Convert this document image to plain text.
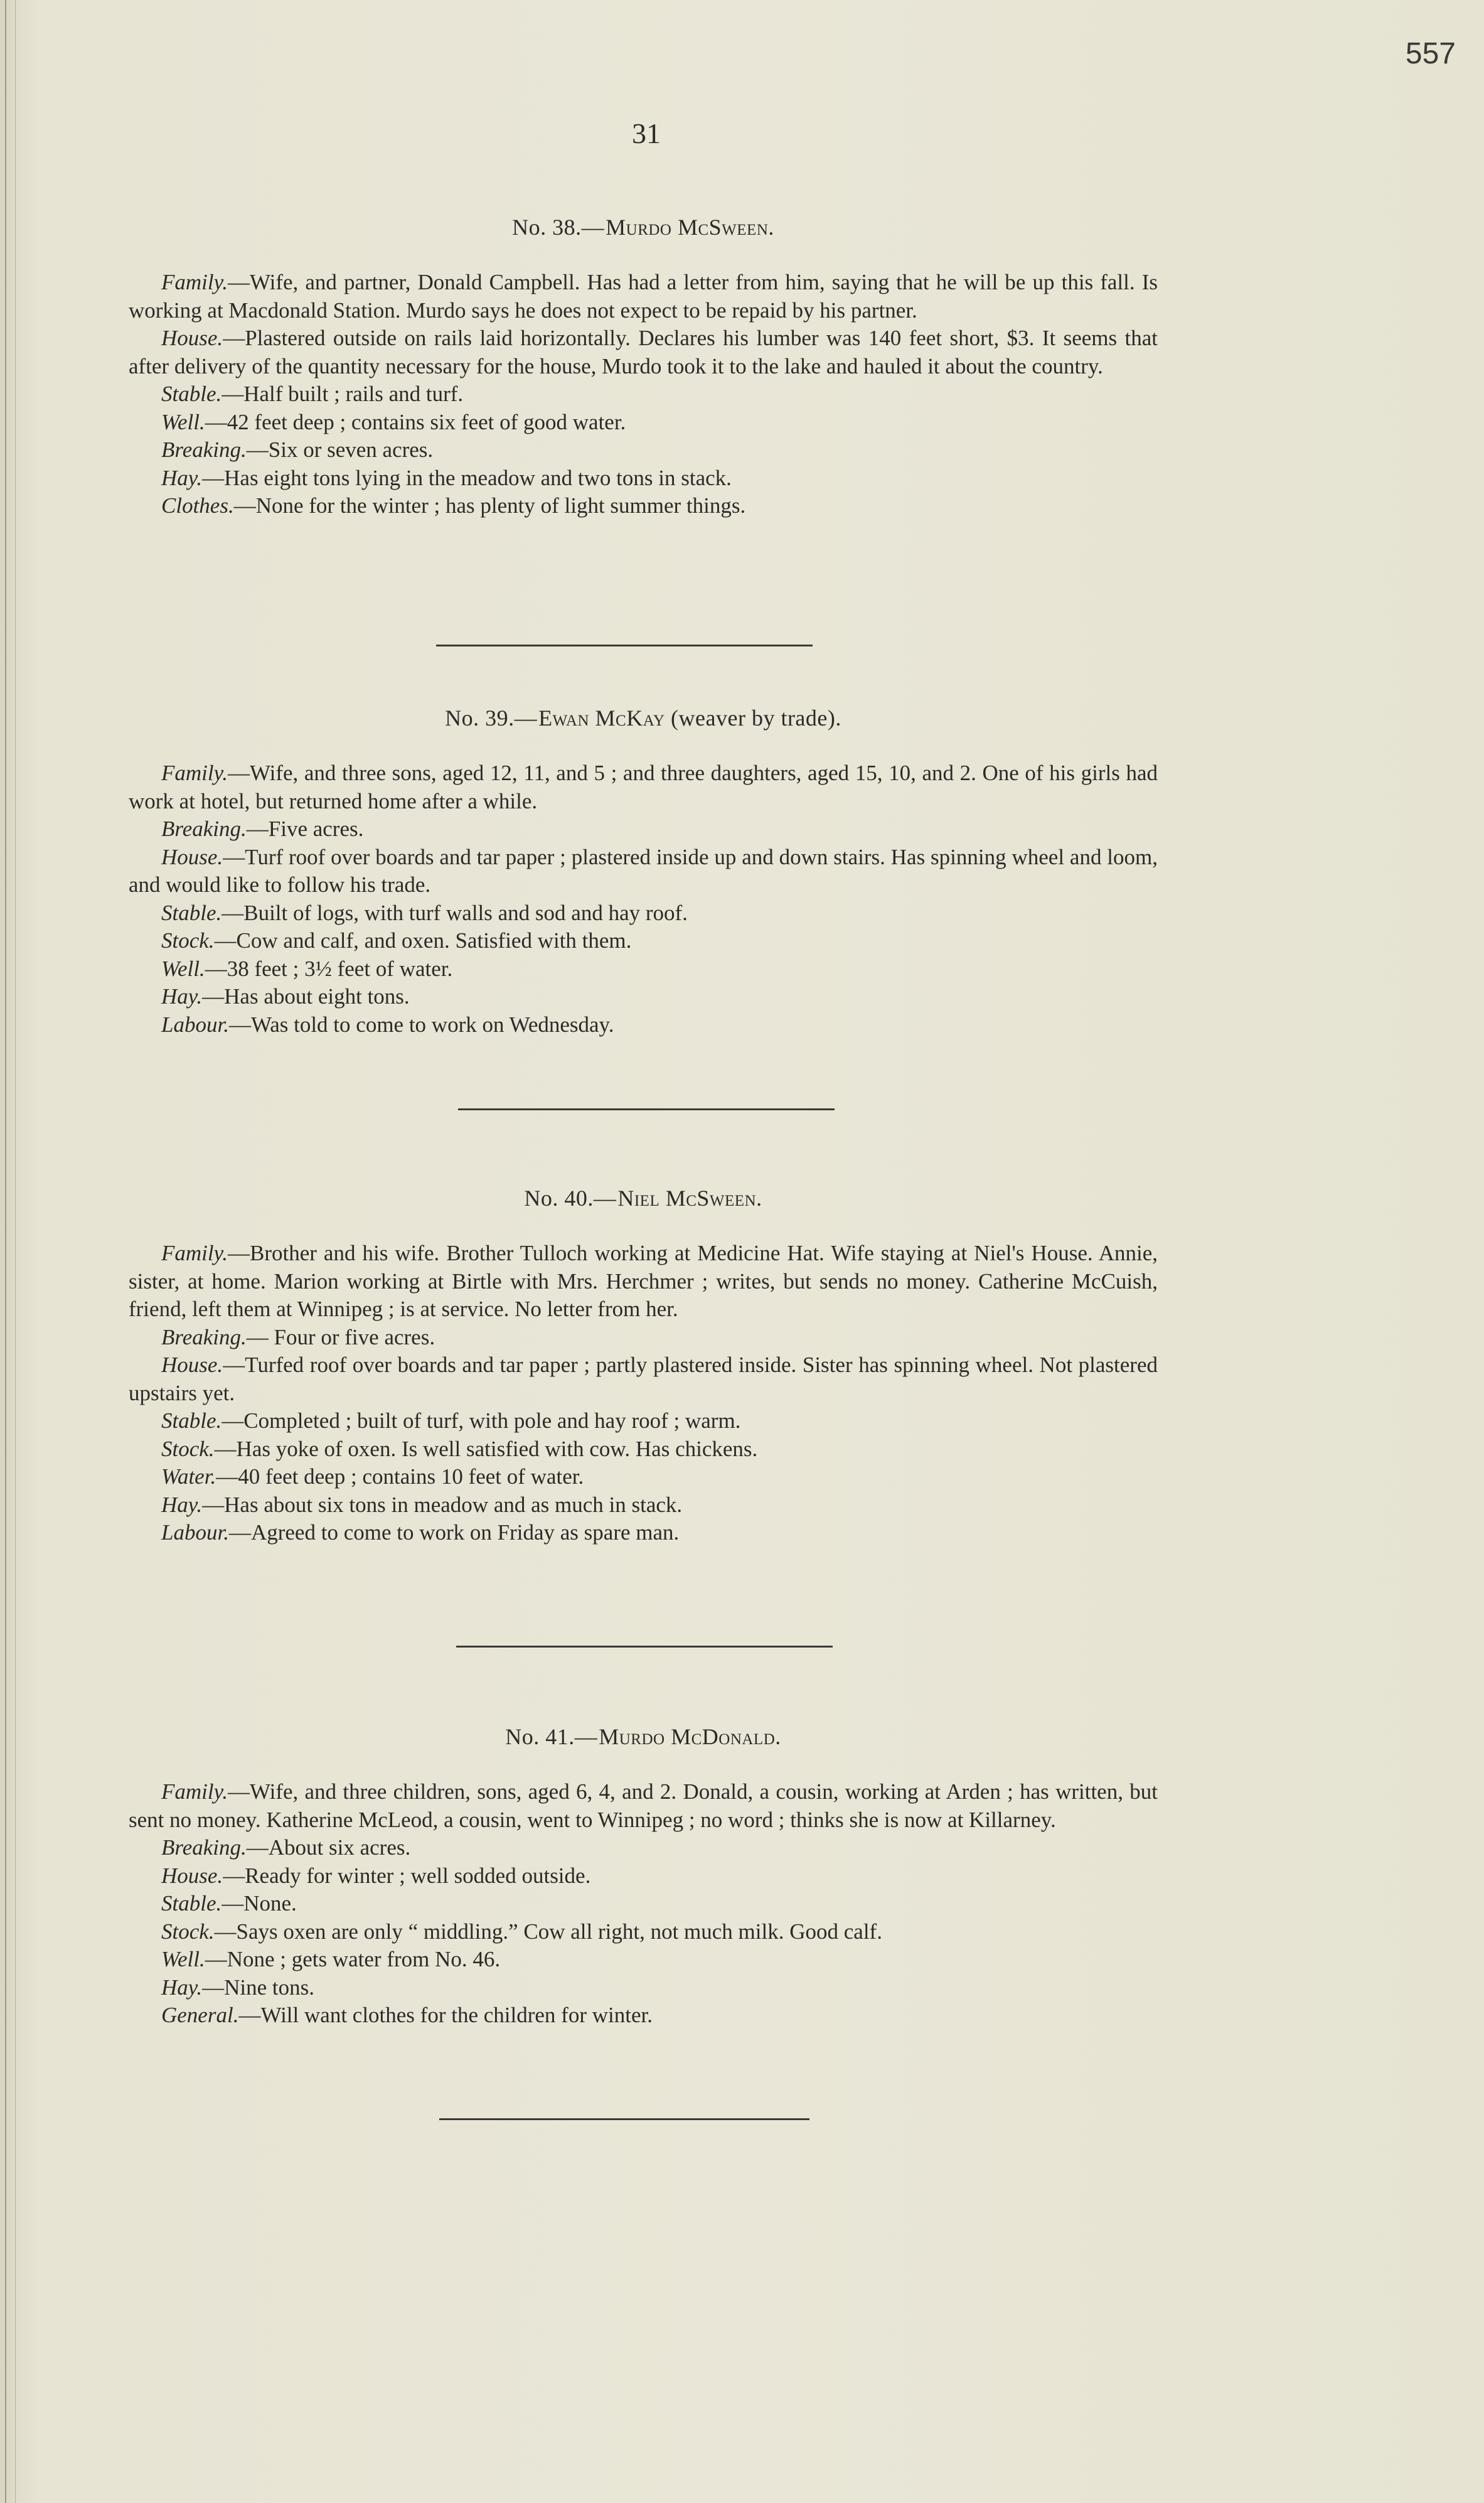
557
31
No. 38.—Murdo McSween.

Family.—Wife, and partner, Donald Campbell. Has had a letter from him, saying that he will be up this fall. Is working at Macdonald Station. Murdo says he does not expect to be repaid by his partner.

House.—Plastered outside on rails laid horizontally. Declares his lumber was 140 feet short, $3. It seems that after delivery of the quantity necessary for the house, Murdo took it to the lake and hauled it about the country.

Stable.—Half built ; rails and turf.

Well.—42 feet deep ; contains six feet of good water.

Breaking.—Six or seven acres.

Hay.—Has eight tons lying in the meadow and two tons in stack.

Clothes.—None for the winter ; has plenty of light summer things.

No. 39.—Ewan McKay (weaver by trade).

Family.—Wife, and three sons, aged 12, 11, and 5 ; and three daughters, aged 15, 10, and 2. One of his girls had work at hotel, but returned home after a while.

Breaking.—Five acres.

House.—Turf roof over boards and tar paper ; plastered inside up and down stairs. Has spinning wheel and loom, and would like to follow his trade.

Stable.—Built of logs, with turf walls and sod and hay roof.

Stock.—Cow and calf, and oxen. Satisfied with them.

Well.—38 feet ; 3½ feet of water.

Hay.—Has about eight tons.

Labour.—Was told to come to work on Wednesday.

No. 40.—Niel McSween.

Family.—Brother and his wife. Brother Tulloch working at Medicine Hat. Wife staying at Niel's House. Annie, sister, at home. Marion working at Birtle with Mrs. Herchmer ; writes, but sends no money. Catherine McCuish, friend, left them at Winnipeg ; is at service. No letter from her.

Breaking.— Four or five acres.

House.—Turfed roof over boards and tar paper ; partly plastered inside. Sister has spinning wheel. Not plastered upstairs yet.

Stable.—Completed ; built of turf, with pole and hay roof ; warm.

Stock.—Has yoke of oxen. Is well satisfied with cow. Has chickens.

Water.—40 feet deep ; contains 10 feet of water.

Hay.—Has about six tons in meadow and as much in stack.

Labour.—Agreed to come to work on Friday as spare man.

No. 41.—Murdo McDonald.

Family.—Wife, and three children, sons, aged 6, 4, and 2. Donald, a cousin, working at Arden ; has written, but sent no money. Katherine McLeod, a cousin, went to Winnipeg ; no word ; thinks she is now at Killarney.

Breaking.—About six acres.

House.—Ready for winter ; well sodded outside.

Stable.—None.

Stock.—Says oxen are only “ middling.” Cow all right, not much milk. Good calf.

Well.—None ; gets water from No. 46.

Hay.—Nine tons.

General.—Will want clothes for the children for winter.
